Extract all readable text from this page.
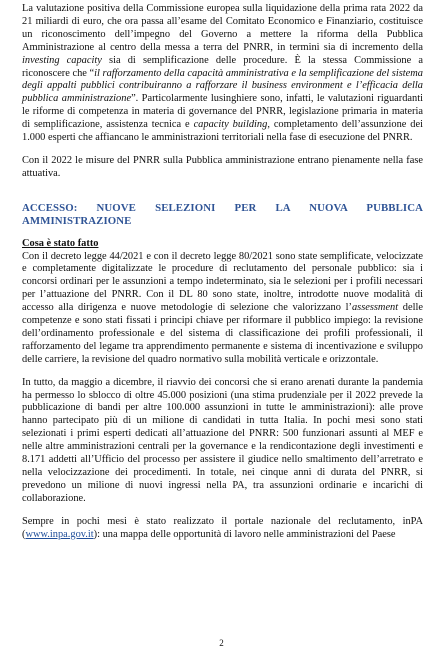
La valutazione positiva della Commissione europea sulla liquidazione della prima rata 2022 da 21 miliardi di euro, che ora passa all’esame del Comitato Economico e Finanziario, costituisce un riconoscimento dell’impegno del Governo a mettere la riforma della Pubblica Amministrazione al centro della messa a terra del PNRR, in termini sia di incremento della investing capacity sia di semplificazione delle procedure. È la stessa Commissione a riconoscere che “il rafforzamento della capacità amministrativa e la semplificazione del sistema degli appalti pubblici contribuiranno a rafforzare il business environment e l’efficacia della pubblica amministrazione”. Particolarmente lusinghiere sono, infatti, le valutazioni riguardanti le riforme di competenza in materia di governance del PNRR, legislazione primaria in materia di semplificazione, assistenza tecnica e capacity building, completamento dell’assunzione dei 1.000 esperti che affiancano le amministrazioni territoriali nella fase di esecuzione del PNRR.

Con il 2022 le misure del PNRR sulla Pubblica amministrazione entrano pienamente nella fase attuativa.

ACCESSO: NUOVE SELEZIONI PER LA NUOVA PUBBLICA AMMINISTRAZIONE

Cosa è stato fatto

Con il decreto legge 44/2021 e con il decreto legge 80/2021 sono state semplificate, velocizzate e completamente digitalizzate le procedure di reclutamento del personale pubblico: sia i concorsi ordinari per le assunzioni a tempo indeterminato, sia le selezioni per i profili necessari per l’attuazione del PNRR. Con il DL 80 sono state, inoltre, introdotte nuove modalità di accesso alla dirigenza e nuove metodologie di selezione che valorizzano l’assessment delle competenze e sono stati fissati i principi chiave per riformare il pubblico impiego: la revisione dell’ordinamento professionale e del sistema di classificazione dei profili professionali, il rafforzamento del legame tra apprendimento permanente e sistema di incentivazione e sviluppo delle carriere, la revisione del quadro normativo sulla mobilità verticale e orizzontale.

In tutto, da maggio a dicembre, il riavvio dei concorsi che si erano arenati durante la pandemia ha permesso lo sblocco di oltre 45.000 posizioni (una stima prudenziale per il 2022 prevede la pubblicazione di bandi per altre 100.000 assunzioni in tutte le amministrazioni): alle prove hanno partecipato più di un milione di candidati in tutta Italia. In pochi mesi sono stati selezionati i primi esperti dedicati all’attuazione del PNRR: 500 funzionari assunti al MEF e nelle altre amministrazioni centrali per la governance e la rendicontazione degli investimenti e 8.171 addetti all’Ufficio del processo per assistere il giudice nello smaltimento dell’arretrato e nella velocizzazione dei procedimenti. In totale, nei cinque anni di durata del PNRR, si prevedono un milione di nuovi ingressi nella PA, tra assunzioni ordinarie e incarichi di collaborazione.

Sempre in pochi mesi è stato realizzato il portale nazionale del reclutamento, inPA (www.inpa.gov.it): una mappa delle opportunità di lavoro nelle amministrazioni del Paese

2
